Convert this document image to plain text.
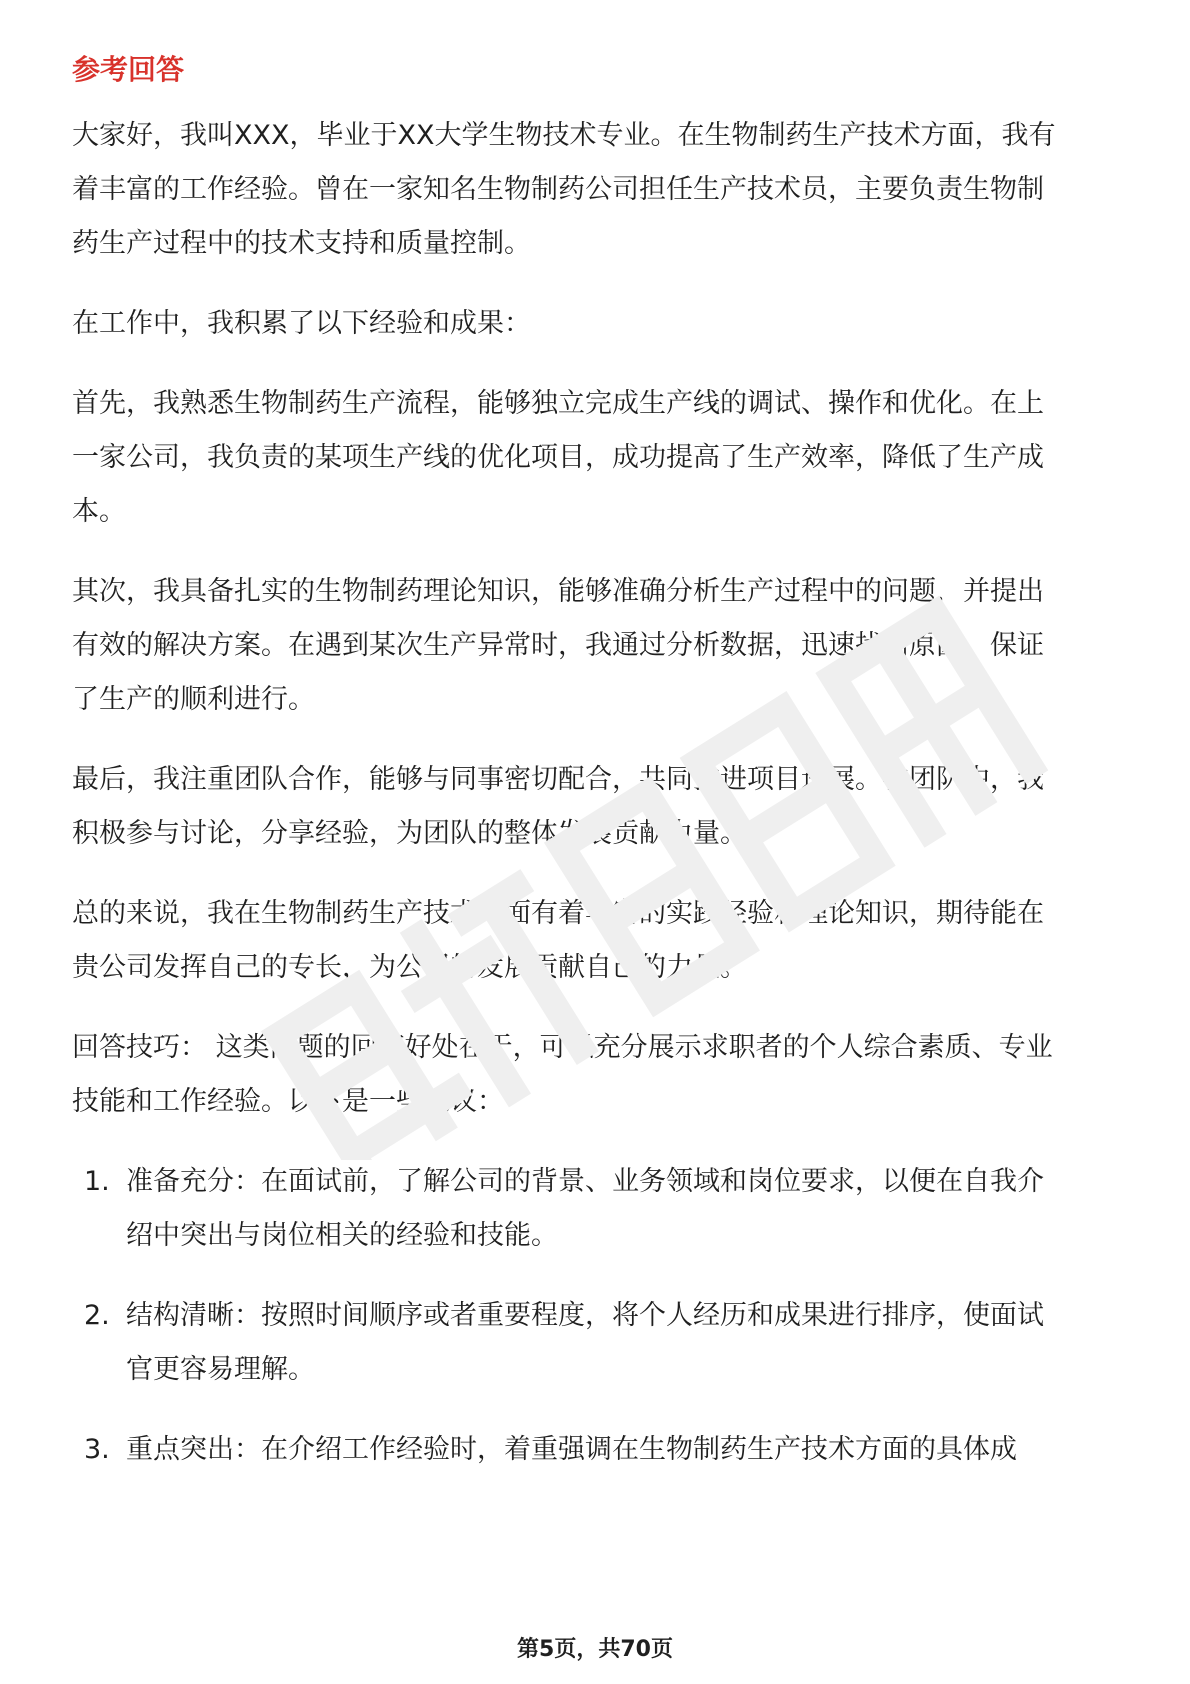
参考回答

大家好，我叫XXX，毕业于XX大学生物技术专业。在生物制药生产技术方面，我有

着丰富的工作经验。曾在一家知名生物制药公司担任生产技术员，主要负责生物制

药生产过程中的技术支持和质量控制。

在工作中，我积累了以下经验和成果：

首先，我熟悉生物制药生产流程，能够独立完成生产线的调试、操作和优化。在上

一家公司，我负责的某项生产线的优化项目，成功提高了生产效率，降低了生产成

本。

其次，我具备扎实的生物制药理论知识，能够准确分析生产过程中的问题，并提出

有效的解决方案。在遇到某次生产异常时，我通过分析数据，迅速找出原因，保证

了生产的顺利进行。

最后，我注重团队合作，能够与同事密切配合，共同推进项目进展。在团队中，我

积极参与讨论，分享经验，为团队的整体发展贡献力量。

总的来说，我在生物制药生产技术方面有着丰富的实践经验和理论知识，期待能在

贵公司发挥自己的专长，为公司的发展贡献自己的力量。

回答技巧： 这类问题的回答好处在于，可以充分展示求职者的个人综合素质、专业

技能和工作经验。以下是一些建议：

1. 准备充分：在面试前，了解公司的背景、业务领域和岗位要求，以便在自我介

绍中突出与岗位相关的经验和技能。

2. 结构清晰：按照时间顺序或者重要程度，将个人经历和成果进行排序，使面试

官更容易理解。

3. 重点突出：在介绍工作经验时，着重强调在生物制药生产技术方面的具体成

第5页，共70页
